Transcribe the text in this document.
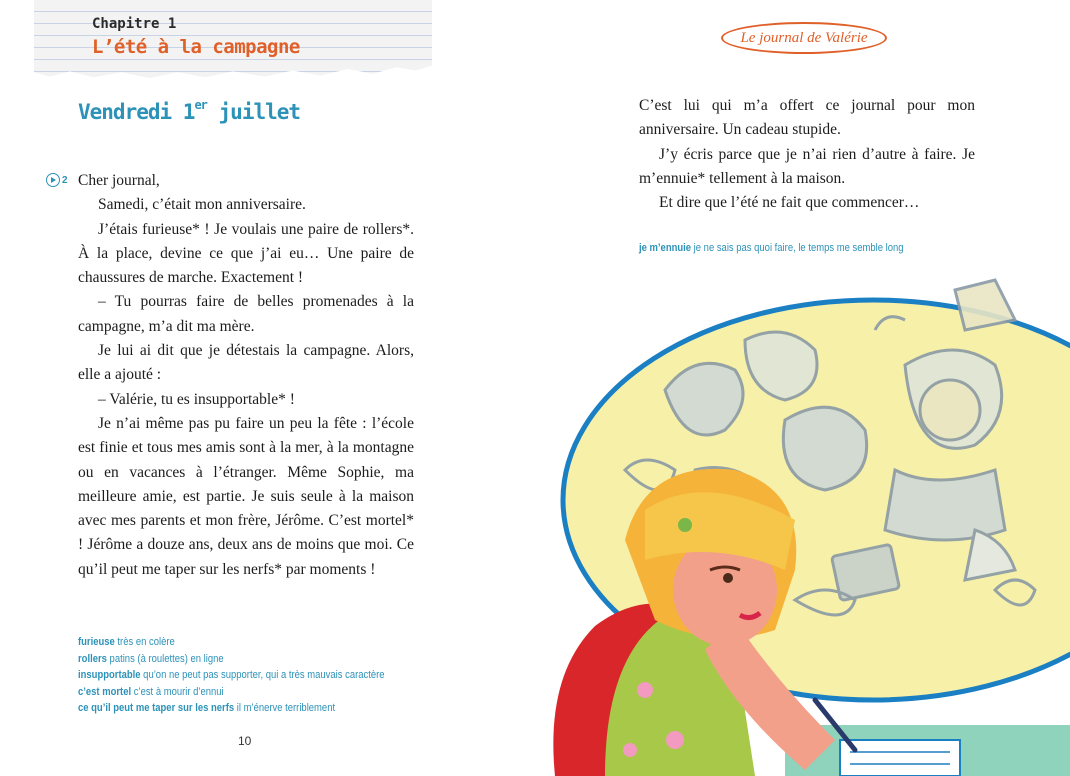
Chapitre 1
L’été à la campagne
Vendredi 1er juillet
2 Cher journal,
Samedi, c’était mon anniversaire.
J’étais furieuse* ! Je voulais une paire de rollers*. À la place, devine ce que j’ai eu… Une paire de chaussures de marche. Exactement !
– Tu pourras faire de belles promenades à la campagne, m’a dit ma mère.
Je lui ai dit que je détestais la campagne. Alors, elle a ajouté :
– Valérie, tu es insupportable* !
Je n’ai même pas pu faire un peu la fête : l’école est finie et tous mes amis sont à la mer, à la montagne ou en vacances à l’étranger. Même Sophie, ma meilleure amie, est partie. Je suis seule à la maison avec mes parents et mon frère, Jérôme. C’est mortel* ! Jérôme a douze ans, deux ans de moins que moi. Ce qu’il peut me taper sur les nerfs* par moments !
furieuse très en colère
rollers patins (à roulettes) en ligne
insupportable qu’on ne peut pas supporter, qui a très mauvais caractère
c’est mortel c’est à mourir d’ennui
ce qu’il peut me taper sur les nerfs il m’énerve terriblement
10
Le journal de Valérie
C’est lui qui m’a offert ce journal pour mon anniversaire. Un cadeau stupide.
J’y écris parce que je n’ai rien d’autre à faire. Je m’ennuie* tellement à la maison.
Et dire que l’été ne fait que commencer…
je m’ennuie je ne sais pas quoi faire, le temps me semble long
